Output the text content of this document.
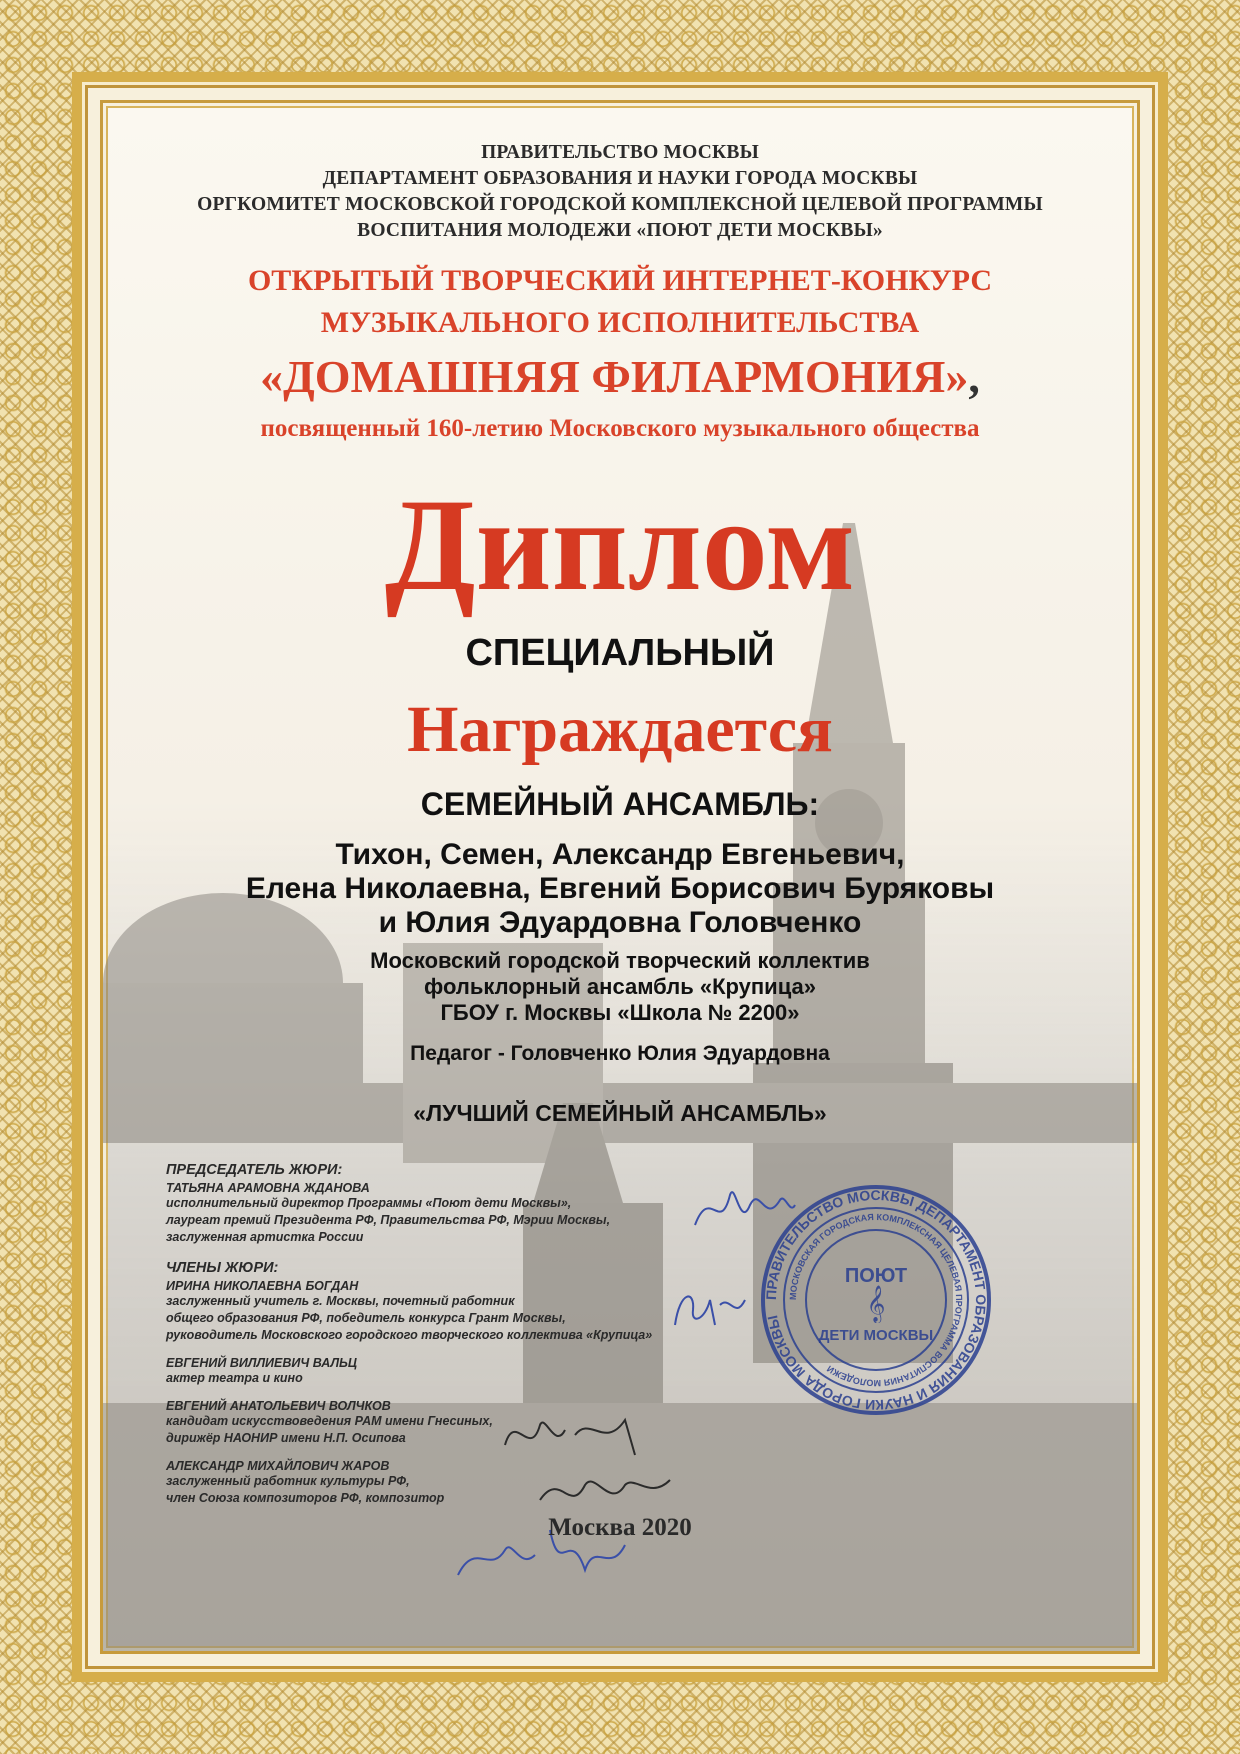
ПРАВИТЕЛЬСТВО МОСКВЫ
ДЕПАРТАМЕНТ ОБРАЗОВАНИЯ И НАУКИ ГОРОДА МОСКВЫ
ОРГКОМИТЕТ МОСКОВСКОЙ ГОРОДСКОЙ КОМПЛЕКСНОЙ ЦЕЛЕВОЙ ПРОГРАММЫ
ВОСПИТАНИЯ МОЛОДЕЖИ «ПОЮТ ДЕТИ МОСКВЫ»
ОТКРЫТЫЙ ТВОРЧЕСКИЙ ИНТЕРНЕТ-КОНКУРС
МУЗЫКАЛЬНОГО ИСПОЛНИТЕЛЬСТВА
«ДОМАШНЯЯ ФИЛАРМОНИЯ»,
посвященный 160-летию Московского музыкального общества
Диплом
СПЕЦИАЛЬНЫЙ
Награждается
СЕМЕЙНЫЙ АНСАМБЛЬ:
Тихон, Семен, Александр Евгеньевич,
Елена Николаевна, Евгений Борисович Буряковы
и Юлия Эдуардовна Головченко
Московский городской творческий коллектив
фольклорный ансамбль «Крупица»
ГБОУ г. Москвы «Школа № 2200»
Педагог - Головченко Юлия Эдуардовна
«ЛУЧШИЙ СЕМЕЙНЫЙ АНСАМБЛЬ»
ПРЕДСЕДАТЕЛЬ ЖЮРИ:
ТАТЬЯНА АРАМОВНА ЖДАНОВА
исполнительный директор Программы «Поют дети Москвы»,
лауреат премий Президента РФ, Правительства РФ, Мэрии Москвы,
заслуженная артистка России
ЧЛЕНЫ ЖЮРИ:
ИРИНА НИКОЛАЕВНА БОГДАН
заслуженный учитель г. Москвы, почетный работник
общего образования РФ, победитель конкурса Грант Москвы,
руководитель Московского городского творческого коллектива «Крупица»
ЕВГЕНИЙ ВИЛЛИЕВИЧ ВАЛЬЦ
актер театра и кино
ЕВГЕНИЙ АНАТОЛЬЕВИЧ ВОЛЧКОВ
кандидат искусствоведения РАМ имени Гнесиных,
дирижёр НАОНИР имени Н.П. Осипова
АЛЕКСАНДР МИХАЙЛОВИЧ ЖАРОВ
заслуженный работник культуры РФ,
член Союза композиторов РФ, композитор
ПРАВИТЕЛЬСТВО МОСКВЫ ДЕПАРТАМЕНТ ОБРАЗОВАНИЯ И НАУКИ ГОРОДА МОСКВЫ
МОСКОВСКАЯ ГОРОДСКАЯ КОМПЛЕКСНАЯ ЦЕЛЕВАЯ ПРОГРАММА ВОСПИТАНИЯ МОЛОДЕЖИ
ПОЮТ
𝄞
ДЕТИ МОСКВЫ
Москва 2020
